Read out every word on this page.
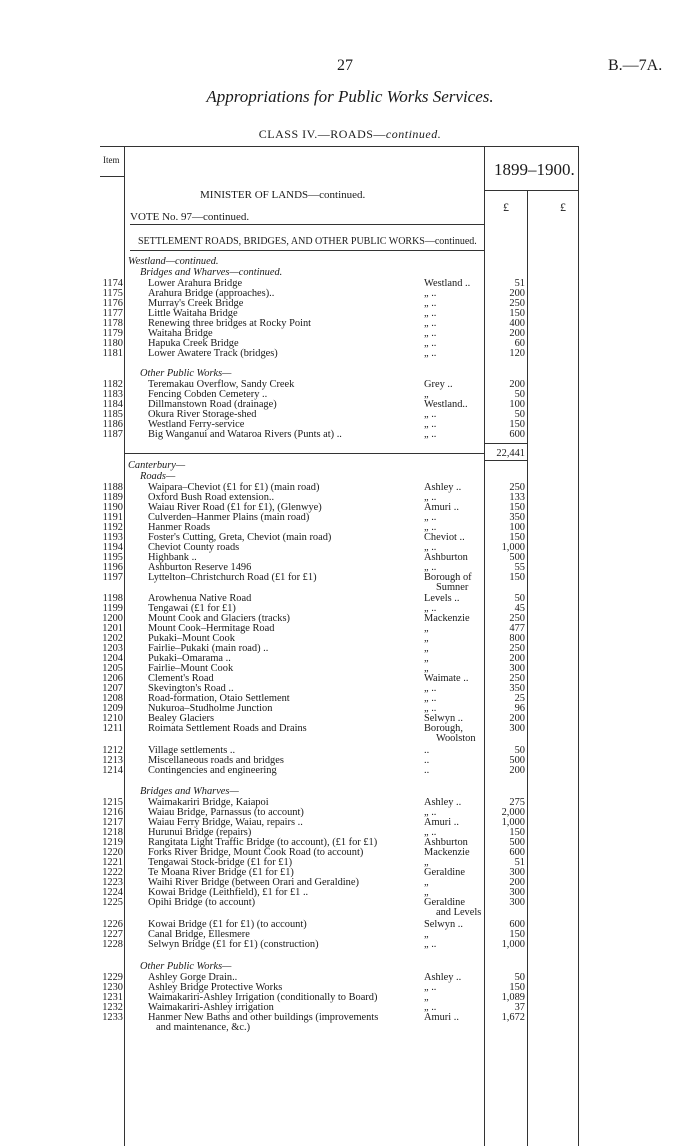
27	B.—7A.
Appropriations for Public Works Services.
CLASS IV.—ROADS—continued.
Item	1899–1900.
£	£
MINISTER OF LANDS—continued.
VOTE No. 97—continued.
SETTLEMENT ROADS, BRIDGES, AND OTHER PUBLIC WORKS—continued.
Westland—continued.
Bridges and Wharves—continued.
1174 Lower Arahura Bridge	Westland ..	51
1175 Arahura Bridge (approaches)..	„ ..	200
1176 Murray's Creek Bridge	„ ..	250
1177 Little Waitaha Bridge	„ ..	150
1178 Renewing three bridges at Rocky Point	„ ..	400
1179 Waitaha Bridge	„ ..	200
1180 Hapuka Creek Bridge	„ ..	60
1181 Lower Awatere Track (bridges)	„ ..	120
Other Public Works—
1182 Teremakau Overflow, Sandy Creek	Grey ..	200
1183 Fencing Cobden Cemetery ..	„	50
1184 Dillmanstown Road (drainage)	Westland..	100
1185 Okura River Storage-shed	„ ..	50
1186 Westland Ferry-service	„ ..	150
1187 Big Wanganui and Wataroa Rivers (Punts at) ..	„ ..	600
Canterbury—
Roads—
1188 Waipara–Cheviot (£1 for £1) (main road)	Ashley ..	250
1189 Oxford Bush Road extension..	„ ..	133
1190 Waiau River Road (£1 for £1), (Glenwye)	Amuri ..	150
1191 Culverden–Hanmer Plains (main road)	„ ..	350
1192 Hanmer Roads	„ ..	100
1193 Foster's Cutting, Greta, Cheviot (main road)	Cheviot ..	150
1194 Cheviot County roads	„ ..	1,000
1195 Highbank ..	Ashburton	500
1196 Ashburton Reserve 1496	„ ..	55
1197 Lyttelton–Christchurch Road (£1 for £1)	Borough of	150
Sumner
1198 Arowhenua Native Road	Levels ..	50
1199 Tengawai (£1 for £1)	„ ..	45
1200 Mount Cook and Glaciers (tracks)	Mackenzie	250
1201 Mount Cook–Hermitage Road	„	477
1202 Pukaki–Mount Cook	„	800
1203 Fairlie–Pukaki (main road) ..	„	250
1204 Pukaki–Omarama ..	„	200
1205 Fairlie–Mount Cook	„	300
1206 Clement's Road	Waimate ..	250
1207 Skevington's Road ..	„ ..	350
1208 Road-formation, Otaio Settlement	„ ..	25
1209 Nukuroa–Studholme Junction	„ ..	96
1210 Bealey Glaciers	Selwyn ..	200
1211 Roimata Settlement Roads and Drains	Borough,	300
Woolston
1212 Village settlements ..	..	50
1213 Miscellaneous roads and bridges	..	500
1214 Contingencies and engineering	..	200
Bridges and Wharves—
1215 Waimakariri Bridge, Kaiapoi	Ashley ..	275
1216 Waiau Bridge, Parnassus (to account)	„ ..	2,000
1217 Waiau Ferry Bridge, Waiau, repairs ..	Amuri ..	1,000
1218 Hurunui Bridge (repairs)	„ ..	150
1219 Rangitata Light Traffic Bridge (to account), (£1 for £1)	Ashburton	500
1220 Forks River Bridge, Mount Cook Road (to account)	Mackenzie	600
1221 Tengawai Stock-bridge (£1 for £1)	„	51
1222 Te Moana River Bridge (£1 for £1)	Geraldine	300
1223 Waihi River Bridge (between Orari and Geraldine)	„	200
1224 Kowai Bridge (Leithfield), £1 for £1 ..	„	300
1225 Opihi Bridge (to account)	Geraldine	300
and Levels
1226 Kowai Bridge (£1 for £1) (to account)	Selwyn ..	600
1227 Canal Bridge, Ellesmere	„	150
1228 Selwyn Bridge (£1 for £1) (construction)	„ ..	1,000
Other Public Works—
1229 Ashley Gorge Drain..	Ashley ..	50
1230 Ashley Bridge Protective Works	„ ..	150
1231 Waimakariri-Ashley Irrigation (conditionally to Board)	„	1,089
1232 Waimakariri-Ashley irrigation	„ ..	37
1233 Hanmer New Baths and other buildings (improvements	Amuri ..	1,672
and maintenance, &c.)
22,441
